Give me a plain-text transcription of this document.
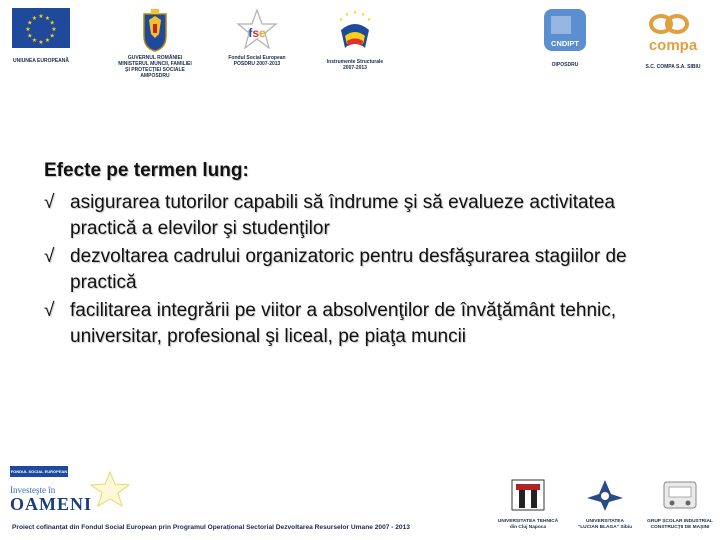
★ ★
★
★
★
★
★
★
★
★
★
★
UNIUNEA EUROPEANĂ	GUVERNUL ROMÂNIEI
MINISTERUL MUNCII, FAMILIEI
ȘI PROTECȚIEI SOCIALE
AMPOSDRU
fse
Fondul Social European
POSDRU 2007-2013
★ ★
★
★
★
Instrumente Structurale
2007-2013
CNDIPT
OIPOSDRU
compa
S.C. COMPA S.A. SIBIU
Efecte pe termen lung:
√ asigurarea tutorilor capabili să îndrume şi să evalueze activitatea practică a elevilor şi studenţilor
√ dezvoltarea cadrului organizatoric pentru desfăşurarea stagiilor de practică
√ facilitarea integrării pe viitor a absolvenţilor de învăţământ tehnic, universitar, profesional şi liceal, pe piaţa muncii
FONDUL SOCIAL EUROPEAN
Investeşte în
OAMENI
Proiect cofinanțat din Fondul Social European prin Programul Operațional Sectorial Dezvoltarea Resurselor Umane 2007 - 2013
UNIVERSITATEA TEHNICĂ
din Cluj Napoca
UNIVERSITATEA
"LUCIAN BLAGA" Sibiu
GRUP ȘCOLAR INDUSTRIAL
CONSTRUCȚII DE MAȘINI
